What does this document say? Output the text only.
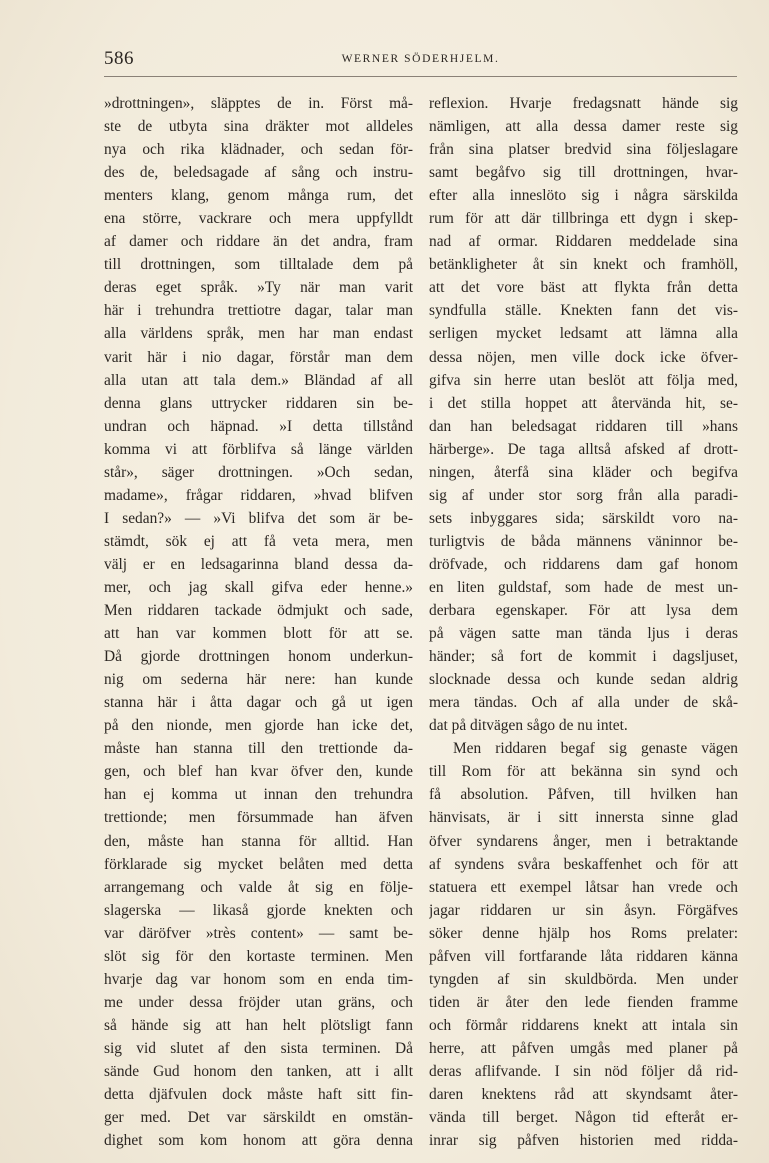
586	WERNER SÖDERHJELM.
»drottningen», släpptes de in. Först må-
ste de utbyta sina dräkter mot alldeles
nya och rika klädnader, och sedan för-
des de, beledsagade af sång och instru-
menters klang, genom många rum, det
ena större, vackrare och mera uppfylldt
af damer och riddare än det andra, fram
till drottningen, som tilltalade dem på
deras eget språk. »Ty när man varit
här i trehundra trettiotre dagar, talar man
alla världens språk, men har man endast
varit här i nio dagar, förstår man dem
alla utan att tala dem.» Bländad af all
denna glans uttrycker riddaren sin be-
undran och häpnad. »I detta tillstånd
komma vi att förblifva så länge världen
står», säger drottningen. »Och sedan,
madame», frågar riddaren, »hvad blifven
I sedan?» — »Vi blifva det som är be-
stämdt, sök ej att få veta mera, men
välj er en ledsagarinna bland dessa da-
mer, och jag skall gifva eder henne.»
Men riddaren tackade ödmjukt och sade,
att han var kommen blott för att se.
Då gjorde drottningen honom underkun-
nig om sederna här nere: han kunde
stanna här i åtta dagar och gå ut igen
på den nionde, men gjorde han icke det,
måste han stanna till den trettionde da-
gen, och blef han kvar öfver den, kunde
han ej komma ut innan den trehundra
trettionde; men försummade han äfven
den, måste han stanna för alltid. Han
förklarade sig mycket belåten med detta
arrangemang och valde åt sig en följe-
slagerska — likaså gjorde knekten och
var däröfver »très content» — samt be-
slöt sig för den kortaste terminen. Men
hvarje dag var honom som en enda tim-
me under dessa fröjder utan gräns, och
så hände sig att han helt plötsligt fann
sig vid slutet af den sista terminen. Då
sände Gud honom den tanken, att i allt
detta djäfvulen dock måste haft sitt fin-
ger med. Det var särskildt en omstän-
dighet som kom honom att göra denna
reflexion. Hvarje fredagsnatt hände sig
nämligen, att alla dessa damer reste sig
från sina platser bredvid sina följeslagare
samt begåfvo sig till drottningen, hvar-
efter alla inneslöto sig i några särskilda
rum för att där tillbringa ett dygn i skep-
nad af ormar. Riddaren meddelade sina
betänkligheter åt sin knekt och framhöll,
att det vore bäst att flykta från detta
syndfulla ställe. Knekten fann det vis-
serligen mycket ledsamt att lämna alla
dessa nöjen, men ville dock icke öfver-
gifva sin herre utan beslöt att följa med,
i det stilla hoppet att återvända hit, se-
dan han beledsagat riddaren till »hans
härberge». De taga alltså afsked af drott-
ningen, återfå sina kläder och begifva
sig af under stor sorg från alla paradi-
sets inbyggares sida; särskildt voro na-
turligtvis de båda männens väninnor be-
dröfvade, och riddarens dam gaf honom
en liten guldstaf, som hade de mest un-
derbara egenskaper. För att lysa dem
på vägen satte man tända ljus i deras
händer; så fort de kommit i dagsljuset,
slocknade dessa och kunde sedan aldrig
mera tändas. Och af alla under de skå-
dat på ditvägen sågo de nu intet.
Men riddaren begaf sig genaste vägen
till Rom för att bekänna sin synd och
få absolution. Påfven, till hvilken han
hänvisats, är i sitt innersta sinne glad
öfver syndarens ånger, men i betraktande
af syndens svåra beskaffenhet och för att
statuera ett exempel låtsar han vrede och
jagar riddaren ur sin åsyn. Förgäfves
söker denne hjälp hos Roms prelater:
påfven vill fortfarande låta riddaren känna
tyngden af sin skuldbörda. Men under
tiden är åter den lede fienden framme
och förmår riddarens knekt att intala sin
herre, att påfven umgås med planer på
deras aflifvande. I sin nöd följer då rid-
daren knektens råd att skyndsamt åter-
vända till berget. Någon tid efteråt er-
inrar sig påfven historien med ridda-
